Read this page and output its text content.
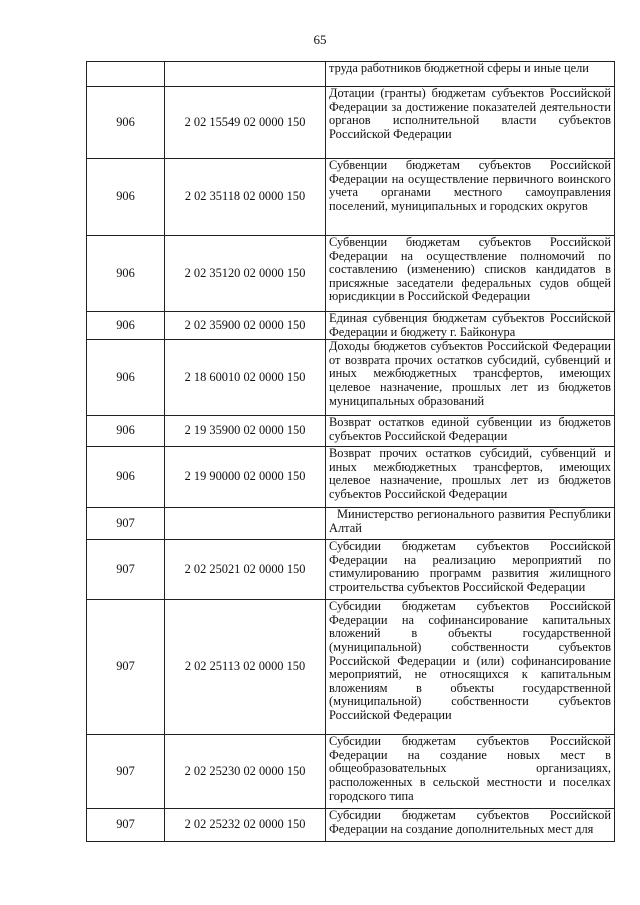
65
		труда работников бюджетной сферы и иные цели
906	2 02 15549 02 0000 150	Дотации (гранты) бюджетам субъектов Российской Федерации за достижение показателей деятельности органов исполнительной власти субъектов Российской Федерации
906	2 02 35118 02 0000 150	Субвенции бюджетам субъектов Российской Федерации на осуществление первичного воинского учета органами местного самоуправления поселений, муниципальных и городских округов
906	2 02 35120 02 0000 150	Субвенции бюджетам субъектов Российской Федерации на осуществление полномочий по составлению (изменению) списков кандидатов в присяжные заседатели федеральных судов общей юрисдикции в Российской Федерации
906	2 02 35900 02 0000 150	Единая субвенция бюджетам субъектов Российской Федерации и бюджету г. Байконура
906	2 18 60010 02 0000 150	Доходы бюджетов субъектов Российской Федерации от возврата прочих остатков субсидий, субвенций и иных межбюджетных трансфертов, имеющих целевое назначение, прошлых лет из бюджетов муниципальных образований
906	2 19 35900 02 0000 150	Возврат остатков единой субвенции из бюджетов субъектов Российской Федерации
906	2 19 90000 02 0000 150	Возврат прочих остатков субсидий, субвенций и иных межбюджетных трансфертов, имеющих целевое назначение, прошлых лет из бюджетов субъектов Российской Федерации
907		Министерство регионального развития Республики Алтай
907	2 02 25021 02 0000 150	Субсидии бюджетам субъектов Российской Федерации на реализацию мероприятий по стимулированию программ развития жилищного строительства субъектов Российской Федерации
907	2 02 25113 02 0000 150	Субсидии бюджетам субъектов Российской Федерации на софинансирование капитальных вложений в объекты государственной (муниципальной) собственности субъектов Российской Федерации и (или) софинансирование мероприятий, не относящихся к капитальным вложениям в объекты государственной (муниципальной) собственности субъектов Российской Федерации
907	2 02 25230 02 0000 150	Субсидии бюджетам субъектов Российской Федерации на создание новых мест в общеобразовательных организациях, расположенных в сельской местности и поселках городского типа
907	2 02 25232 02 0000 150	Субсидии бюджетам субъектов Российской Федерации на создание дополнительных мест для
